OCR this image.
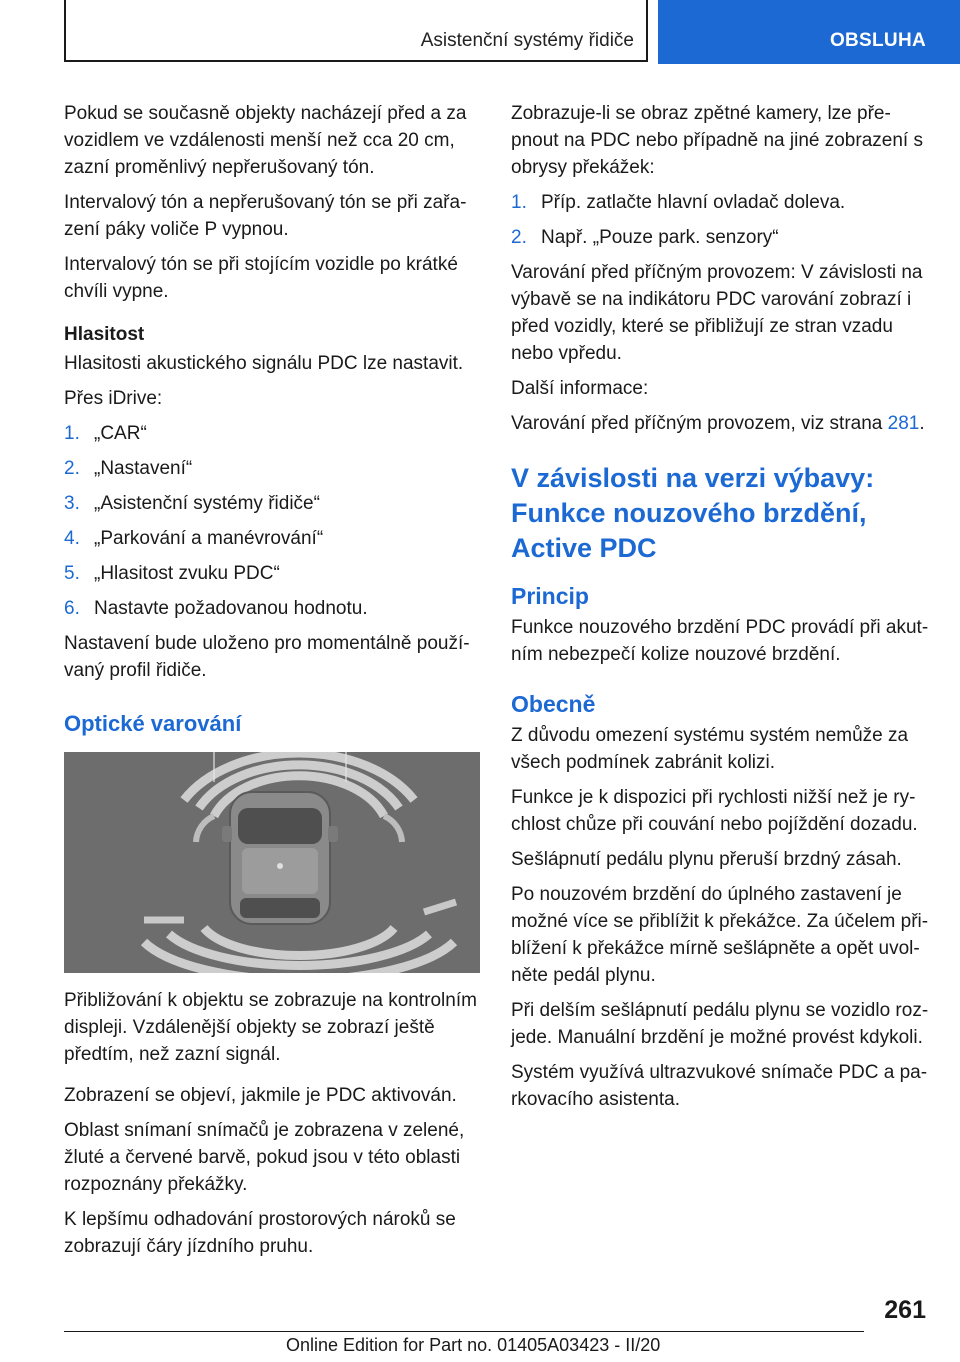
Asistenční systémy řidiče	OBSLUHA

Pokud se současně objekty nacházejí před a za vozidlem ve vzdálenosti menší než cca 20 cm, zazní proměnlivý nepřerušovaný tón.

Intervalový tón a nepřerušovaný tón se při zařazení páky voliče P vypnou.

Intervalový tón se při stojícím vozidle po krátké chvíli vypne.

Hlasitost

Hlasitosti akustického signálu PDC lze nastavit.

Přes iDrive:

1. „CAR“
2. „Nastavení“
3. „Asistenční systémy řidiče“
4. „Parkování a manévrování“
5. „Hlasitost zvuku PDC“
6. Nastavte požadovanou hodnotu.

Nastavení bude uloženo pro momentálně používaný profil řidiče.

Optické varování

Přibližování k objektu se zobrazuje na kontrolním displeji. Vzdálenější objekty se zobrazí ještě předtím, než zazní signál.

Zobrazení se objeví, jakmile je PDC aktivován.

Oblast snímaní snímačů je zobrazena v zelené, žluté a červené barvě, pokud jsou v této oblasti rozpoznány překážky.

K lepšímu odhadování prostorových nároků se zobrazují čáry jízdního pruhu.

Zobrazuje-li se obraz zpětné kamery, lze přepnout na PDC nebo případně na jiné zobrazení s obrysy překážek:

1. Příp. zatlačte hlavní ovladač doleva.
2. Např. „Pouze park. senzory“

Varování před příčným provozem: V závislosti na výbavě se na indikátoru PDC varování zobrazí i před vozidly, které se přibližují ze stran vzadu nebo vpředu.

Další informace:

Varování před příčným provozem, viz strana 281.

V závislosti na verzi výbavy:
Funkce nouzového brzdění,
Active PDC
Princip

Funkce nouzového brzdění PDC provádí při akutním nebezpečí kolize nouzové brzdění.

Obecně

Z důvodu omezení systému systém nemůže za všech podmínek zabránit kolizi.

Funkce je k dispozici při rychlosti nižší než je rychlost chůze při couvání nebo pojíždění dozadu.

Sešlápnutí pedálu plynu přeruší brzdný zásah.

Po nouzovém brzdění do úplného zastavení je možné více se přiblížit k překážce. Za účelem přiblížení k překážce mírně sešlápněte a opět uvolněte pedál plynu.

Při delším sešlápnutí pedálu plynu se vozidlo rozjede. Manuální brzdění je možné provést kdykoli.

Systém využívá ultrazvukové snímače PDC a parkovacího asistenta.

261
Online Edition for Part no. 01405A03423 - II/20
